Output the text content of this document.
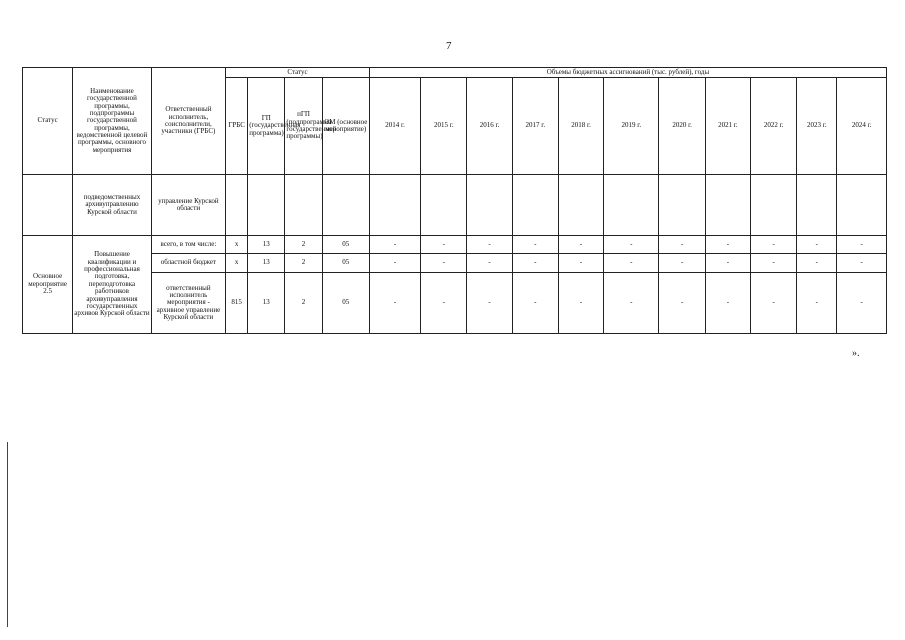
7
Статус	Наименование государственной программы, подпрограммы государственной программы, ведомственной целевой программы, основного мероприятия	Ответственный исполнитель, соисполнители, участники (ГРБС)	Статус				Объемы бюджетных ассигнований (тыс. рублей), годы										
			ГРБС	ГП (государственная программа)	пГП (подпрограмма государственной программы)	ОМ (основное мероприятие)	2014 г.	2015 г.	2016 г.	2017 г.	2018 г.	2019 г.	2020 г.	2021 г.	2022 г.	2023 г.	2024 г.
	подведомственных архивуправлению Курской области	управление Курской области															
Основное мероприятие 2.5	Повышение квалификации и профессиональная подготовка, переподготовка работников архивуправления государственных архивов Курской области	всего, в том числе:	x	13	2	05	-	-	-	-	-	-	-	-	-	-	-
		областной бюджет	x	13	2	05	-	-	-	-	-	-	-	-	-	-	-
		ответственный исполнитель мероприятия - архивное управление Курской области	815	13	2	05	-	-	-	-	-	-	-	-	-	-	-
».
